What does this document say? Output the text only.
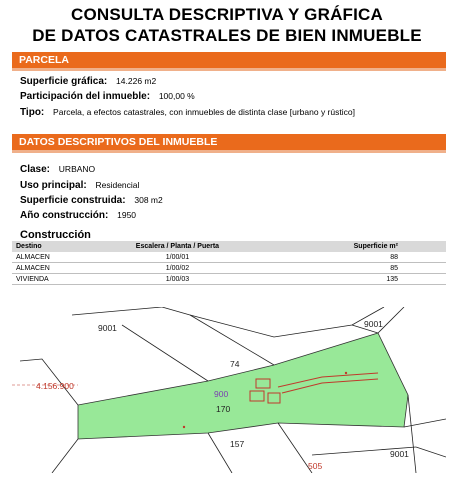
CONSULTA DESCRIPTIVA Y GRÁFICA
DE DATOS CATASTRALES DE BIEN INMUEBLE
PARCELA
Superficie gráfica: 14.226 m2
Participación del inmueble: 100,00 %
Tipo: Parcela, a efectos catastrales, con inmuebles de distinta clase [urbano y rústico]
DATOS DESCRIPTIVOS DEL INMUEBLE
Clase: URBANO
Uso principal: Residencial
Superficie construida: 308 m2
Año construcción: 1950
Construcción
Destino	Escalera / Planta / Puerta	Superficie m²
ALMACEN	1/00/01	88
ALMACEN	1/00/02	85
VIVIENDA	1/00/03	135
9001	9001
74
4.156.900
900
170
157
9001
505
